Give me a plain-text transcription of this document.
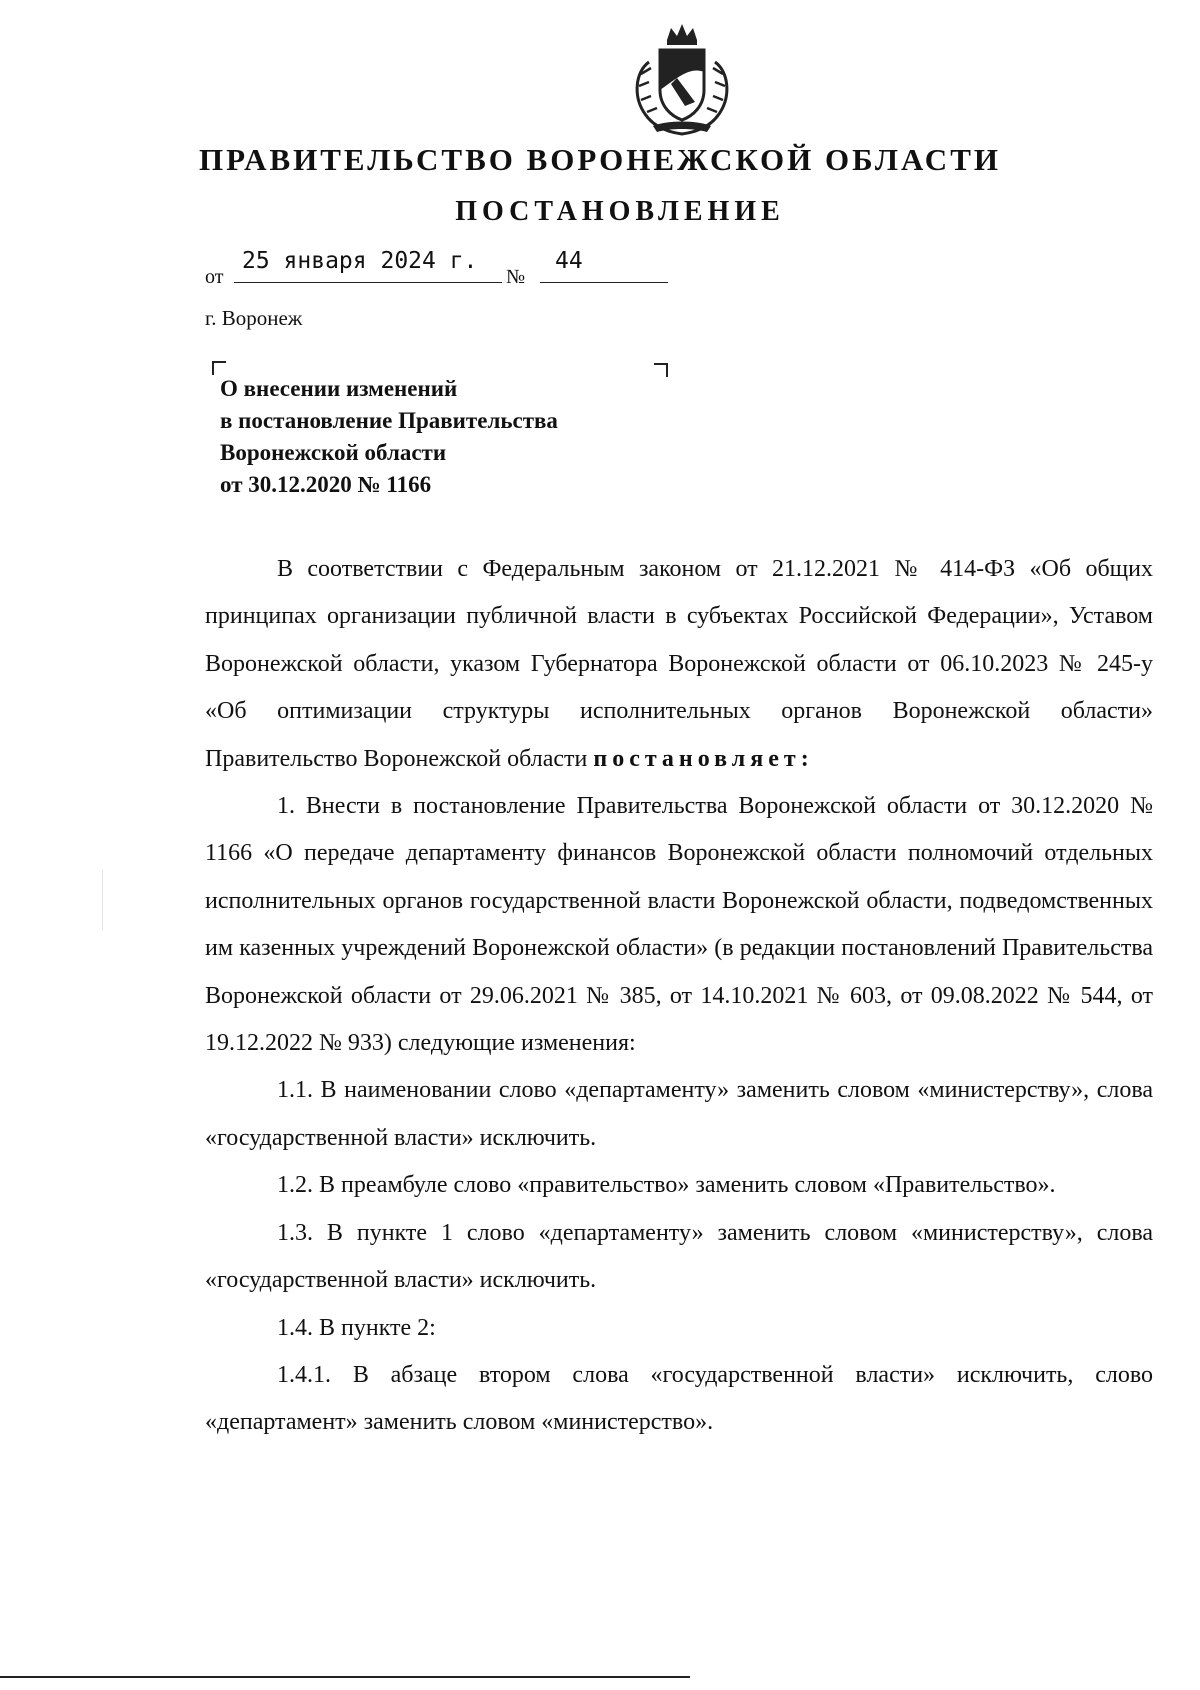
ПРАВИТЕЛЬСТВО ВОРОНЕЖСКОЙ ОБЛАСТИ
ПОСТАНОВЛЕНИЕ
от
25 января 2024 г.
№
44
г. Воронеж
О внесении изменений
в постановление Правительства
Воронежской области
от 30.12.2020 № 1166

В соответствии с Федеральным законом от 21.12.2021 № 414-ФЗ «Об общих принципах организации публичной власти в субъектах Российской Федерации», Уставом Воронежской области, указом Губернатора Воронежской области от 06.10.2023 № 245-у «Об оптимизации структуры исполнительных органов Воронежской области» Правительство Воронежской области постановляет:

1. Внести в постановление Правительства Воронежской области от 30.12.2020 № 1166 «О передаче департаменту финансов Воронежской области полномочий отдельных исполнительных органов государственной власти Воронежской области, подведомственных им казенных учреждений Воронежской области» (в редакции постановлений Правительства Воронежской области от 29.06.2021 № 385, от 14.10.2021 № 603, от 09.08.2022 № 544, от 19.12.2022 № 933) следующие изменения:

1.1. В наименовании слово «департаменту» заменить словом «министерству», слова «государственной власти» исключить.

1.2. В преамбуле слово «правительство» заменить словом «Правительство».

1.3. В пункте 1 слово «департаменту» заменить словом «министерству», слова «государственной власти» исключить.

1.4. В пункте 2:

1.4.1. В абзаце втором слова «государственной власти» исключить, слово «департамент» заменить словом «министерство».
